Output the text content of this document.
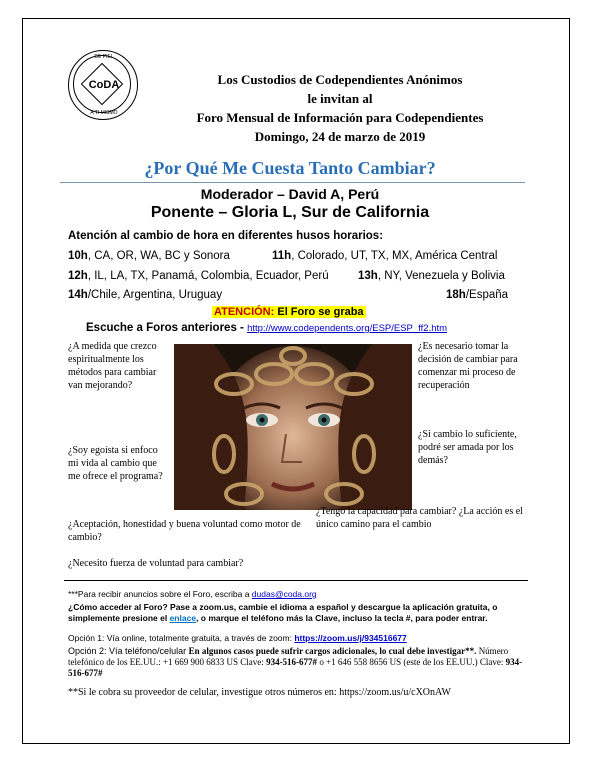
DE PIEL
CoDA
A TI MISMO
Los Custodios de Codependientes Anónimos
le invitan al
Foro Mensual de Información para Codependientes
Domingo, 24 de marzo de 2019
¿Por Qué Me Cuesta Tanto Cambiar?
Moderador – David A, Perú
Ponente – Gloria L, Sur de California
Atención al cambio de hora en diferentes husos horarios:
10h, CA, OR, WA, BC y Sonora	11h, Colorado, UT, TX, MX, América Central
12h, IL, LA, TX, Panamá, Colombia, Ecuador, Perú	13h, NY, Venezuela y Bolivia
14h/Chile, Argentina, Uruguay	18h/España
ATENCIÓN: El Foro se graba
Escuche a Foros anteriores - http://www.codependents.org/ESP/ESP_ff2.htm
¿A medida que crezco espiritualmente los métodos para cambiar van mejorando?
¿Soy egoísta si enfoco mi vida al cambio que me ofrece el programa?
¿Aceptación, honestidad y buena voluntad como motor de cambio?
¿Necesito fuerza de voluntad para cambiar?
¿Es necesario tomar la decisión de cambiar para comenzar mi proceso de recuperación
¿Si cambio lo suficiente, podré ser amada por los demás?
¿Tengo la capacidad para cambiar? ¿La acción es el único camino para el cambio
***Para recibir anuncios sobre el Foro, escriba a dudas@coda.org
¿Cómo acceder al Foro? Pase a zoom.us, cambie el idioma a español y descargue la aplicación gratuita, o simplemente presione el enlace, o marque el teléfono más la Clave, incluso la tecla #, para poder entrar.
Opción 1: Vía online, totalmente gratuita, a través de zoom: https://zoom.us/j/934516677
Opción 2: Vía teléfono/celular En algunos casos puede sufrir cargos adicionales, lo cual debe investigar**. Número telefónico de los EE.UU.: +1 669 900 6833 US Clave: 934-516-677# o +1 646 558 8656 US (este de los EE.UU.) Clave: 934-516-677#
**Si le cobra su proveedor de celular, investigue otros números en: https://zoom.us/u/cXOnAW
